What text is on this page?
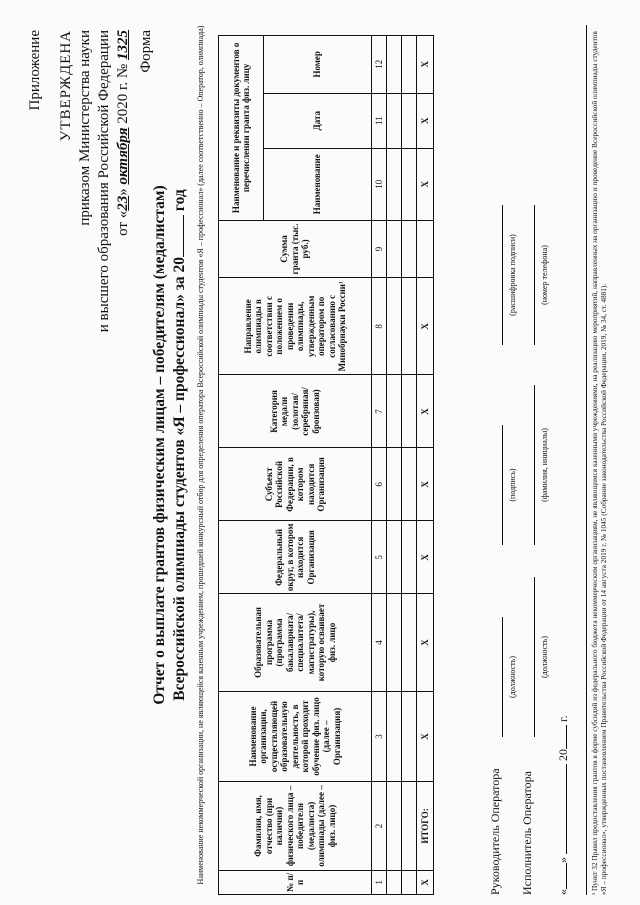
Приложение УТВЕРЖДЕНА приказом Министерства науки и высшего образования Российской Федерации от «23» октября 2020 г. № 1325 Форма
Отчет о выплате грантов физическим лицам – победителям (медалистам) Всероссийской олимпиады студентов «Я – профессионал» за 20 год Наименование некоммерческой организации, не являющейся казенным учреждением, прошедшей конкурсный отбор для определения оператора Всероссийской олимпиады студентов «Я – профессионал» (далее соответственно – Оператор, олимпиада)	№ п/п	Фамилия, имя, отчество (при наличии) физического лица – победителя (медалиста) олимпиады (далее – физ. лицо)	Наименование организации, осуществляющей образовательную деятельность, в которой проходит обучение физ. лицо (далее – Организация)	Образовательная программа (программа бакалавриата/ специалитета/ магистратуры), которую осваивает физ. лицо	Федеральный округ, в котором находится Организация	Субъект Российской Федерации, в котором находится Организация	Категория медали (золотая/ серебряная/ бронзовая)	Направление олимпиады в соответствии с положением о проведении олимпиады, утвержденным оператором по согласованию с Минобрнауки России¹	Сумма гранта (тыс. руб.)	Наименование и реквизиты документов о перечислении гранта физ. лицу		
									Наименование	Дата	Номер
1	2	3	4	5	6	7	8	9	10	11	12

Х	ИТОГО:	Х	Х	Х	Х	Х	Х		Х	Х	Х
Руководитель Оператора
(должность)
(подпись)
(расшифровка подписи)
Исполнитель Оператора
(должность)
(фамилия, инициалы)
(номер телефона)
«»  20 г.	¹ Пункт 32 Правил предоставления грантов в форме субсидий из федерального бюджета некоммерческим организациям, не являющимся казенными учреждениями, на реализацию мероприятий, направленных на организацию и проведение Всероссийской олимпиады студентов «Я – профессионал», утвержденных постановлением Правительства Российской Федерации от 14 августа 2019 г. № 1045 (Собрание законодательства Российской Федерации, 2019, № 34, ст. 4881).
